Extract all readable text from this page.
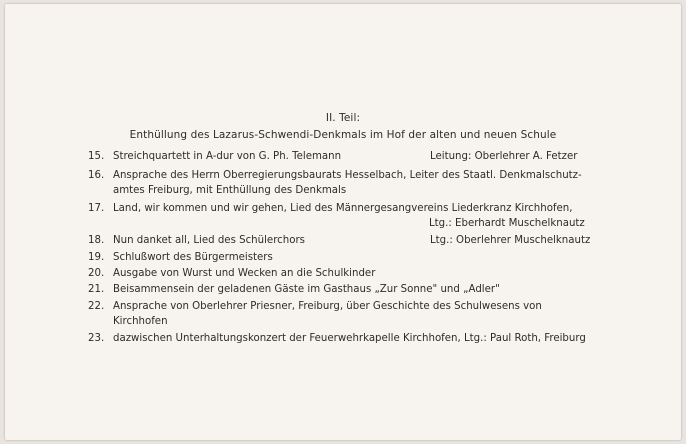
II. Teil:
Enthüllung des Lazarus-Schwendi-Denkmals im Hof der alten und neuen Schule
15. Streichquartett in A-dur von G. Ph. Telemann	Leitung: Oberlehrer A. Fetzer
16. Ansprache des Herrn Oberregierungsbaurats Hesselbach, Leiter des Staatl. Denkmalschutz-
amtes Freiburg, mit Enthüllung des Denkmals
17. Land, wir kommen und wir gehen, Lied des Männergesangvereins Liederkranz Kirchhofen,
Ltg.: Eberhardt Muschelknautz
18. Nun danket all, Lied des Schülerchors	Ltg.: Oberlehrer Muschelknautz
19. Schlußwort des Bürgermeisters
20. Ausgabe von Wurst und Wecken an die Schulkinder
21. Beisammensein der geladenen Gäste im Gasthaus „Zur Sonne" und „Adler"
22. Ansprache von Oberlehrer Priesner, Freiburg, über Geschichte des Schulwesens von
Kirchhofen
23. dazwischen Unterhaltungskonzert der Feuerwehrkapelle Kirchhofen, Ltg.: Paul Roth, Freiburg
